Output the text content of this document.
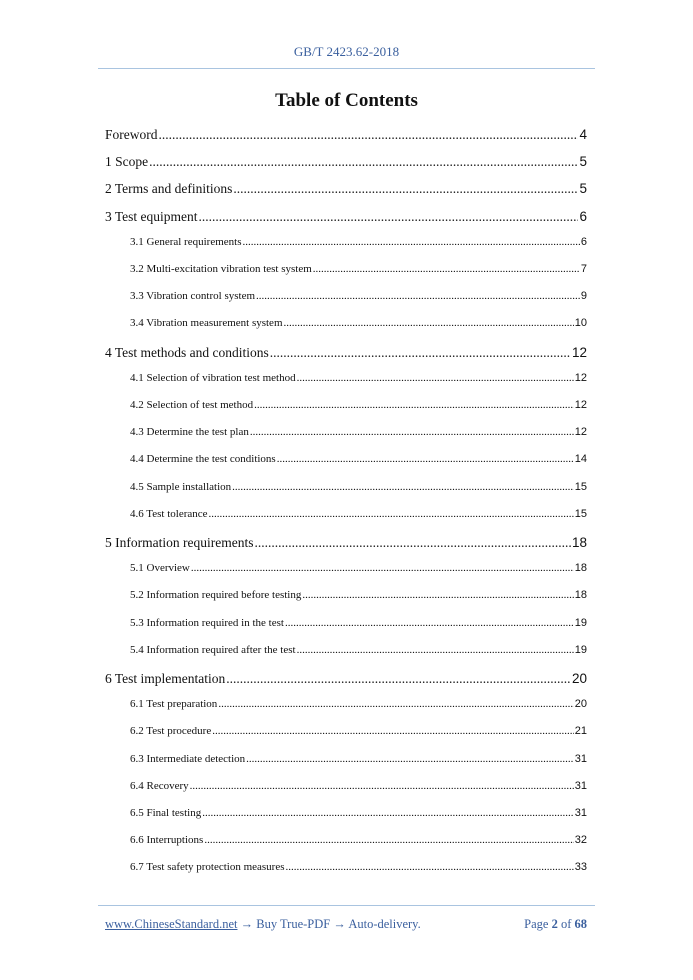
GB/T 2423.62-2018
Table of Contents
Foreword .....	4
1 Scope .....	5
2 Terms and definitions .....	5
3 Test equipment .....	6
3.1 General requirements .....	6
3.2 Multi-excitation vibration test system .....	7
3.3 Vibration control system .....	9
3.4 Vibration measurement system .....	10
4 Test methods and conditions .....	12
4.1 Selection of vibration test method .....	12
4.2 Selection of test method .....	12
4.3 Determine the test plan .....	12
4.4 Determine the test conditions .....	14
4.5 Sample installation .....	15
4.6 Test tolerance .....	15
5 Information requirements .....	18
5.1 Overview .....	18
5.2 Information required before testing .....	18
5.3 Information required in the test .....	19
5.4 Information required after the test .....	19
6 Test implementation .....	20
6.1 Test preparation .....	20
6.2 Test procedure .....	21
6.3 Intermediate detection .....	31
6.4 Recovery .....	31
6.5 Final testing .....	31
6.6 Interruptions .....	32
6.7 Test safety protection measures .....	33
www.ChineseStandard.net → Buy True-PDF → Auto-delivery.	Page 2 of 68
